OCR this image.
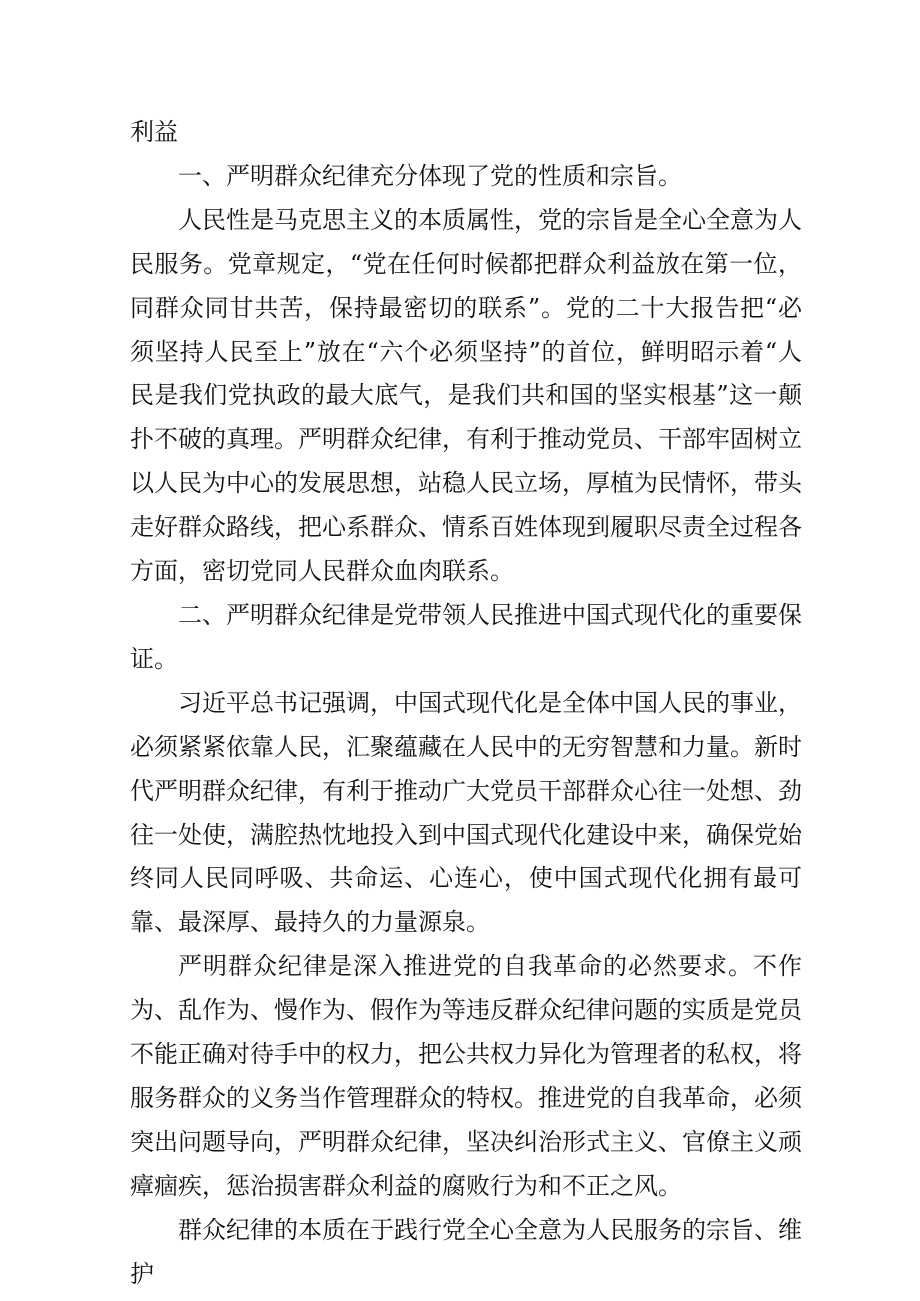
利益

一、严明群众纪律充分体现了党的性质和宗旨。

人民性是马克思主义的本质属性，党的宗旨是全心全意为人民服务。党章规定，“党在任何时候都把群众利益放在第一位，同群众同甘共苦，保持最密切的联系”。党的二十大报告把“必须坚持人民至上”放在“六个必须坚持”的首位，鲜明昭示着“人民是我们党执政的最大底气，是我们共和国的坚实根基”这一颠扑不破的真理。严明群众纪律，有利于推动党员、干部牢固树立以人民为中心的发展思想，站稳人民立场，厚植为民情怀，带头走好群众路线，把心系群众、情系百姓体现到履职尽责全过程各方面，密切党同人民群众血肉联系。

二、严明群众纪律是党带领人民推进中国式现代化的重要保证。

习近平总书记强调，中国式现代化是全体中国人民的事业，必须紧紧依靠人民，汇聚蕴藏在人民中的无穷智慧和力量。新时代严明群众纪律，有利于推动广大党员干部群众心往一处想、劲往一处使，满腔热忱地投入到中国式现代化建设中来，确保党始终同人民同呼吸、共命运、心连心，使中国式现代化拥有最可靠、最深厚、最持久的力量源泉。

严明群众纪律是深入推进党的自我革命的必然要求。不作为、乱作为、慢作为、假作为等违反群众纪律问题的实质是党员不能正确对待手中的权力，把公共权力异化为管理者的私权，将服务群众的义务当作管理群众的特权。推进党的自我革命，必须突出问题导向，严明群众纪律，坚决纠治形式主义、官僚主义顽瘴痼疾，惩治损害群众利益的腐败行为和不正之风。

群众纪律的本质在于践行党全心全意为人民服务的宗旨、维护
